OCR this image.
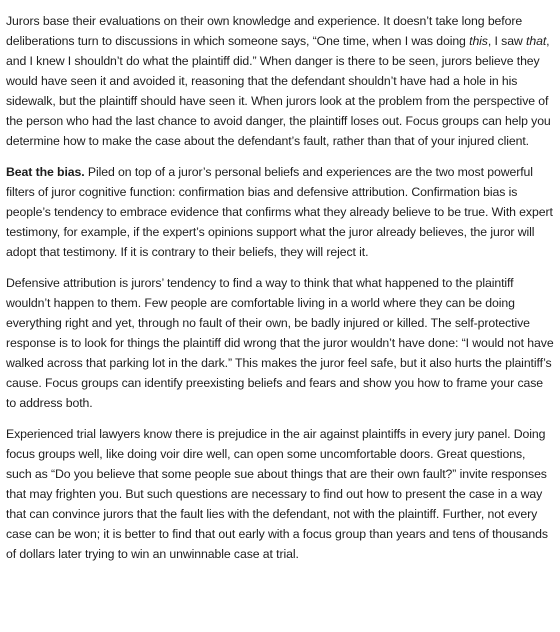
Jurors base their evaluations on their own knowledge and experience. It doesn’t take long before deliberations turn to discussions in which someone says, “One time, when I was doing this, I saw that, and I knew I shouldn’t do what the plaintiff did.” When danger is there to be seen, jurors believe they would have seen it and avoided it, reasoning that the defendant shouldn’t have had a hole in his sidewalk, but the plaintiff should have seen it. When jurors look at the problem from the perspective of the person who had the last chance to avoid danger, the plaintiff loses out. Focus groups can help you determine how to make the case about the defendant’s fault, rather than that of your injured client.

Beat the bias. Piled on top of a juror’s personal beliefs and experiences are the two most powerful filters of juror cognitive function: confirmation bias and defensive attribution. Confirmation bias is people’s tendency to embrace evidence that confirms what they already believe to be true. With expert testimony, for example, if the expert’s opinions support what the juror already believes, the juror will adopt that testimony. If it is contrary to their beliefs, they will reject it.

Defensive attribution is jurors’ tendency to find a way to think that what happened to the plaintiff wouldn’t happen to them. Few people are comfortable living in a world where they can be doing everything right and yet, through no fault of their own, be badly injured or killed. The self-protective response is to look for things the plaintiff did wrong that the juror wouldn’t have done: “I would not have walked across that parking lot in the dark.” This makes the juror feel safe, but it also hurts the plaintiff’s cause. Focus groups can identify preexisting beliefs and fears and show you how to frame your case to address both.

Experienced trial lawyers know there is prejudice in the air against plaintiffs in every jury panel. Doing focus groups well, like doing voir dire well, can open some uncomfortable doors. Great questions, such as “Do you believe that some people sue about things that are their own fault?” invite responses that may frighten you. But such questions are necessary to find out how to present the case in a way that can convince jurors that the fault lies with the defendant, not with the plaintiff. Further, not every case can be won; it is better to find that out early with a focus group than years and tens of thousands of dollars later trying to win an unwinnable case at trial.
